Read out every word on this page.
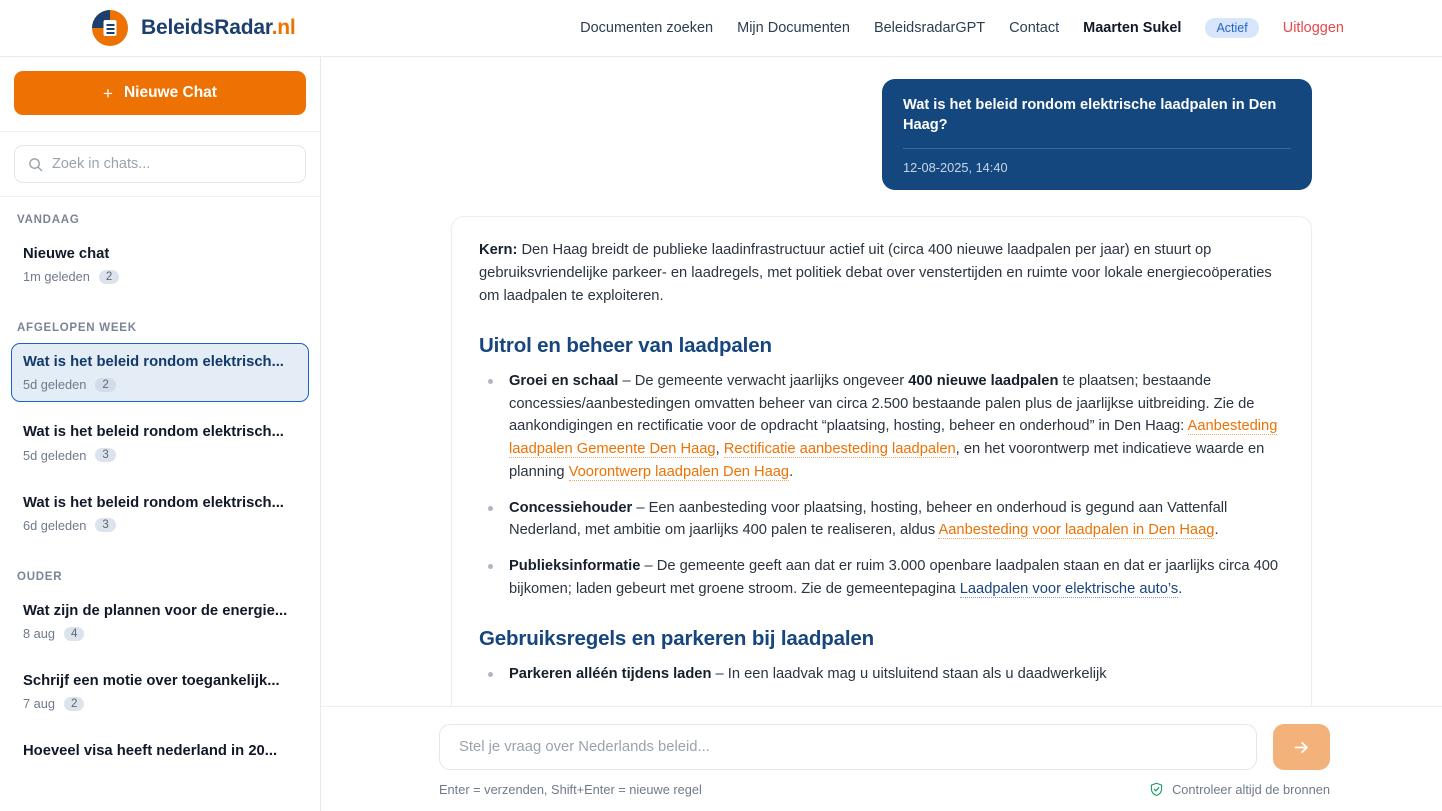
BeleidsRadar.nl	Documenten zoeken Mijn Documenten BeleidsradarGPT Contact Maarten Sukel	Actief	Uitloggen
+ Nieuwe Chat
Zoek in chats...
VANDAAG
Nieuwe chat
1m geleden	2
AFGELOPEN WEEK
Wat is het beleid rondom elektrisch...
5d geleden	2
Wat is het beleid rondom elektrisch...
5d geleden	3
Wat is het beleid rondom elektrisch...
6d geleden	3
OUDER
Wat zijn de plannen voor de energie...
8 aug	4
Schrijf een motie over toegankelijk...
7 aug	2
Hoeveel visa heeft nederland in 20...
Wat is het beleid rondom elektrische laadpalen in Den Haag?
12-08-2025, 14:40

Kern: Den Haag breidt de publieke laadinfrastructuur actief uit (circa 400 nieuwe laadpalen per jaar) en stuurt op gebruiksvriendelijke parkeer- en laadregels, met politiek debat over venstertijden en ruimte voor lokale energiecoöperaties om laadpalen te exploiteren.

Uitrol en beheer van laadpalen
Groei en schaal – De gemeente verwacht jaarlijks ongeveer 400 nieuwe laadpalen te plaatsen; bestaande concessies/aanbestedingen omvatten beheer van circa 2.500 bestaande palen plus de jaarlijkse uitbreiding. Zie de aankondigingen en rectificatie voor de opdracht “plaatsing, hosting, beheer en onderhoud” in Den Haag: Aanbesteding laadpalen Gemeente Den Haag, Rectificatie aanbesteding laadpalen, en het voorontwerp met indicatieve waarde en planning Voorontwerp laadpalen Den Haag.
Concessiehouder – Een aanbesteding voor plaatsing, hosting, beheer en onderhoud is gegund aan Vattenfall Nederland, met ambitie om jaarlijks 400 palen te realiseren, aldus Aanbesteding voor laadpalen in Den Haag.
Publieksinformatie – De gemeente geeft aan dat er ruim 3.000 openbare laadpalen staan en dat er jaarlijks circa 400 bijkomen; laden gebeurt met groene stroom. Zie de gemeentepagina Laadpalen voor elektrische auto’s.
Gebruiksregels en parkeren bij laadpalen
Parkeren alléén tijdens laden – In een laadvak mag u uitsluitend staan als u daadwerkelijk
Stel je vraag over Nederlands beleid...
Enter = verzenden, Shift+Enter = nieuwe regel	Controleer altijd de bronnen
